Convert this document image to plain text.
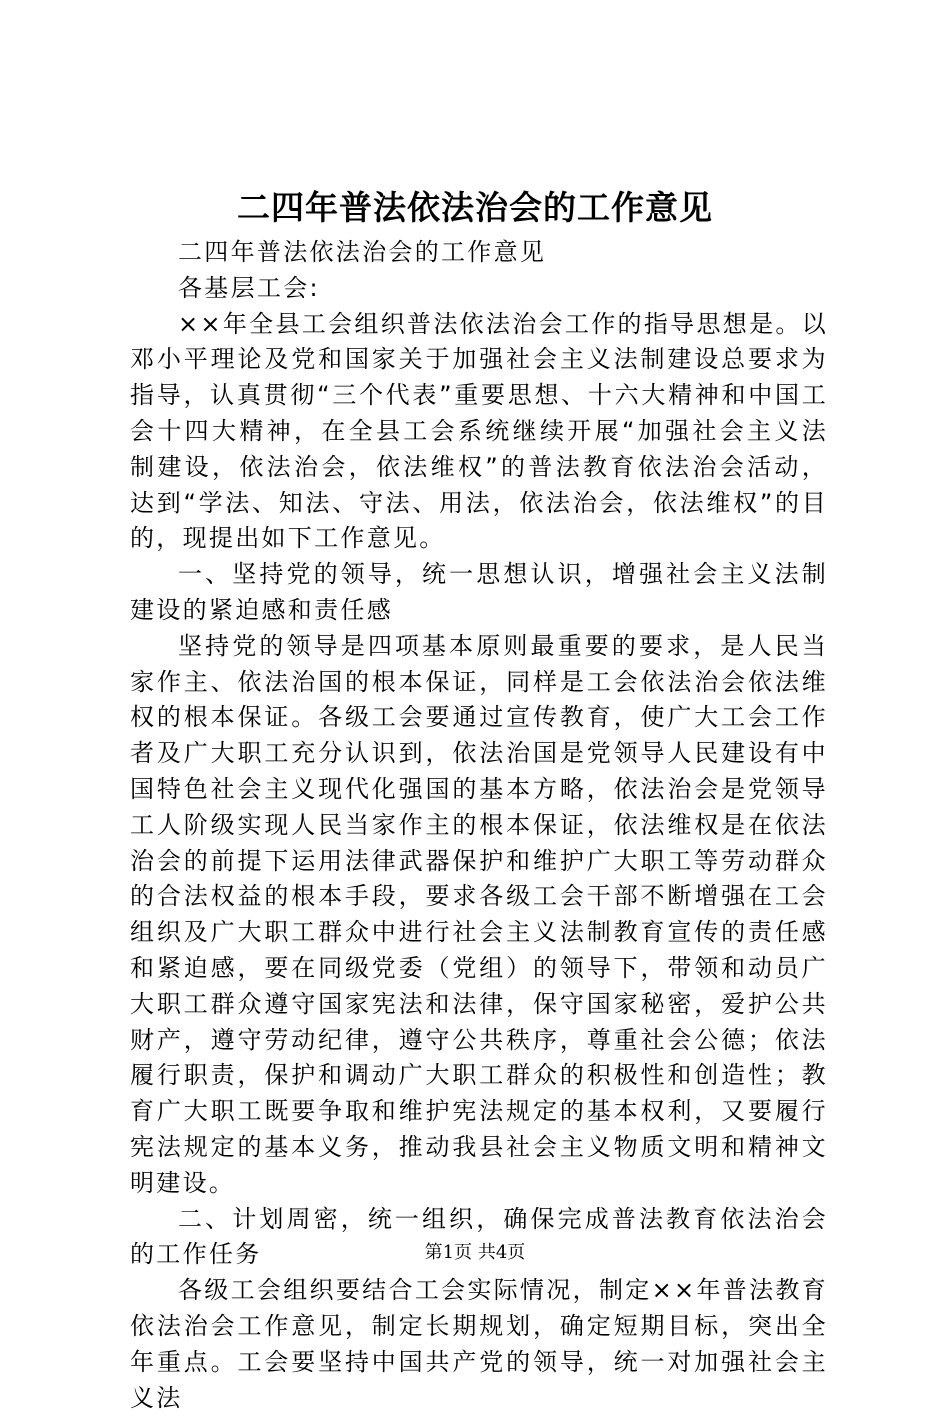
二四年普法依法治会的工作意见

二四年普法依法治会的工作意见

各基层工会:

××年全县工会组织普法依法治会工作的指导思想是。以邓小平理论及党和国家关于加强社会主义法制建设总要求为指导，认真贯彻“三个代表”重要思想、十六大精神和中国工会十四大精神，在全县工会系统继续开展“加强社会主义法制建设，依法治会，依法维权”的普法教育依法治会活动，达到“学法、知法、守法、用法，依法治会，依法维权”的目的，现提出如下工作意见。

一、坚持党的领导，统一思想认识，增强社会主义法制建设的紧迫感和责任感

坚持党的领导是四项基本原则最重要的要求，是人民当家作主、依法治国的根本保证，同样是工会依法治会依法维权的根本保证。各级工会要通过宣传教育，使广大工会工作者及广大职工充分认识到，依法治国是党领导人民建设有中国特色社会主义现代化强国的基本方略，依法治会是党领导工人阶级实现人民当家作主的根本保证，依法维权是在依法治会的前提下运用法律武器保护和维护广大职工等劳动群众的合法权益的根本手段，要求各级工会干部不断增强在工会组织及广大职工群众中进行社会主义法制教育宣传的责任感和紧迫感，要在同级党委（党组）的领导下，带领和动员广大职工群众遵守国家宪法和法律，保守国家秘密，爱护公共财产，遵守劳动纪律，遵守公共秩序，尊重社会公德；依法履行职责，保护和调动广大职工群众的积极性和创造性；教育广大职工既要争取和维护宪法规定的基本权利，又要履行宪法规定的基本义务，推动我县社会主义物质文明和精神文明建设。

二、计划周密，统一组织，确保完成普法教育依法治会的工作任务

各级工会组织要结合工会实际情况，制定××年普法教育依法治会工作意见，制定长期规划，确定短期目标，突出全年重点。工会要坚持中国共产党的领导，统一对加强社会主义法

第1页 共4页
